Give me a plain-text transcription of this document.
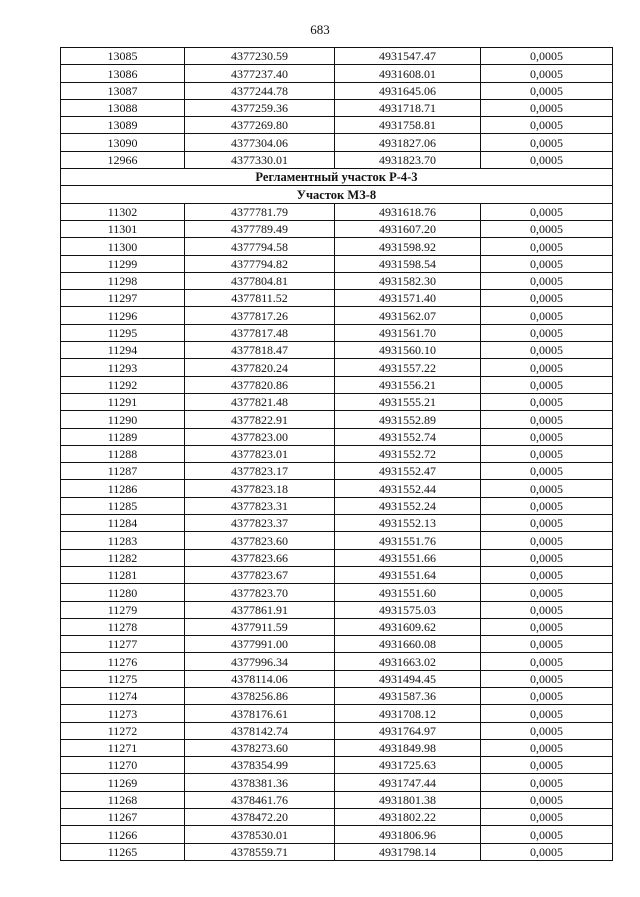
683
13085	4377230.59	4931547.47	0,0005
13086	4377237.40	4931608.01	0,0005
13087	4377244.78	4931645.06	0,0005
13088	4377259.36	4931718.71	0,0005
13089	4377269.80	4931758.81	0,0005
13090	4377304.06	4931827.06	0,0005
12966	4377330.01	4931823.70	0,0005
Регламентный участок Р-4-3			
Участок МЗ-8			
11302	4377781.79	4931618.76	0,0005
11301	4377789.49	4931607.20	0,0005
11300	4377794.58	4931598.92	0,0005
11299	4377794.82	4931598.54	0,0005
11298	4377804.81	4931582.30	0,0005
11297	4377811.52	4931571.40	0,0005
11296	4377817.26	4931562.07	0,0005
11295	4377817.48	4931561.70	0,0005
11294	4377818.47	4931560.10	0,0005
11293	4377820.24	4931557.22	0,0005
11292	4377820.86	4931556.21	0,0005
11291	4377821.48	4931555.21	0,0005
11290	4377822.91	4931552.89	0,0005
11289	4377823.00	4931552.74	0,0005
11288	4377823.01	4931552.72	0,0005
11287	4377823.17	4931552.47	0,0005
11286	4377823.18	4931552.44	0,0005
11285	4377823.31	4931552.24	0,0005
11284	4377823.37	4931552.13	0,0005
11283	4377823.60	4931551.76	0,0005
11282	4377823.66	4931551.66	0,0005
11281	4377823.67	4931551.64	0,0005
11280	4377823.70	4931551.60	0,0005
11279	4377861.91	4931575.03	0,0005
11278	4377911.59	4931609.62	0,0005
11277	4377991.00	4931660.08	0,0005
11276	4377996.34	4931663.02	0,0005
11275	4378114.06	4931494.45	0,0005
11274	4378256.86	4931587.36	0,0005
11273	4378176.61	4931708.12	0,0005
11272	4378142.74	4931764.97	0,0005
11271	4378273.60	4931849.98	0,0005
11270	4378354.99	4931725.63	0,0005
11269	4378381.36	4931747.44	0,0005
11268	4378461.76	4931801.38	0,0005
11267	4378472.20	4931802.22	0,0005
11266	4378530.01	4931806.96	0,0005
11265	4378559.71	4931798.14	0,0005
